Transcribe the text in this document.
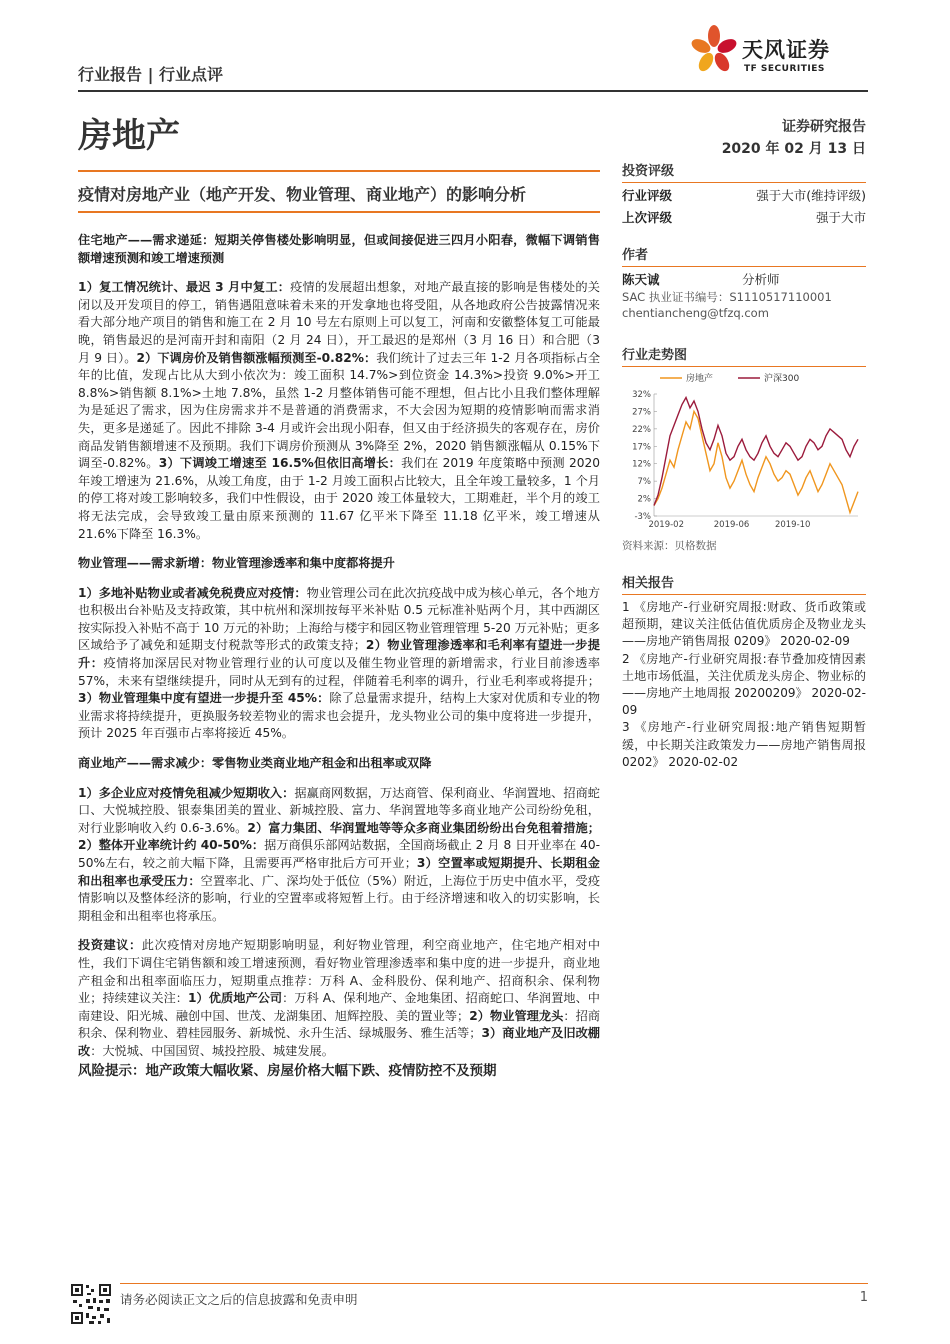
行业报告 | 行业点评
天风证券
TF SECURITIES
房地产	证券研究报告
2020 年 02 月 13 日
疫情对房地产业（地产开发、物业管理、商业地产）的影响分析

住宅地产——需求递延：短期关停售楼处影响明显，但或间接促进三四月小阳春，微幅下调销售额增速预测和竣工增速预测

1）复工情况统计、最迟 3 月中复工：疫情的发展超出想象，对地产最直接的影响是售楼处的关闭以及开发项目的停工，销售遇阻意味着未来的开发拿地也将受阻，从各地政府公告披露情况来看大部分地产项目的销售和施工在 2 月 10 号左右原则上可以复工，河南和安徽整体复工可能最晚，销售最迟的是河南开封和南阳（2 月 24 日），开工最迟的是郑州（3 月 16 日）和合肥（3 月 9 日）。2）下调房价及销售额涨幅预测至-0.82%：我们统计了过去三年 1-2 月各项指标占全年的比值，发现占比从大到小依次为：竣工面积 14.7%>到位资金 14.3%>投资 9.0%>开工 8.8%>销售额 8.1%>土地 7.8%，虽然 1-2 月整体销售可能不理想，但占比小且我们整体理解为是延迟了需求，因为住房需求并不是普通的消费需求，不大会因为短期的疫情影响而需求消失，更多是递延了。因此不排除 3-4 月或许会出现小阳春，但又由于经济损失的客观存在，房价商品发销售额增速不及预期。我们下调房价预测从 3%降至 2%，2020 销售额涨幅从 0.15%下调至-0.82%。3）下调竣工增速至 16.5%但依旧高增长：我们在 2019 年度策略中预测 2020 年竣工增速为 21.6%，从竣工角度，由于 1-2 月竣工面积占比较大，且全年竣工量较多，1 个月的停工将对竣工影响较多，我们中性假设，由于 2020 竣工体量较大，工期难赶，半个月的竣工将无法完成，会导致竣工量由原来预测的 11.67 亿平米下降至 11.18 亿平米，竣工增速从 21.6%下降至 16.3%。

物业管理——需求新增：物业管理渗透率和集中度都将提升

1）多地补贴物业或者减免税费应对疫情：物业管理公司在此次抗疫战中成为核心单元，各个地方也积极出台补贴及支持政策，其中杭州和深圳按每平米补贴 0.5 元标准补贴两个月，其中西湖区按实际投入补贴不高于 10 万元的补助；上海给与楼宇和园区物业管理管理 5-20 万元补贴；更多区域给予了减免和延期支付税款等形式的政策支持；2）物业管理渗透率和毛利率有望进一步提升：疫情将加深居民对物业管理行业的认可度以及催生物业管理的新增需求，行业目前渗透率 57%，未来有望继续提升，同时从无到有的过程，伴随着毛利率的调升，行业毛利率或将提升；3）物业管理集中度有望进一步提升至 45%：除了总量需求提升，结构上大家对优质和专业的物业需求将持续提升，更换服务较差物业的需求也会提升，龙头物业公司的集中度将进一步提升，预计 2025 年百强市占率将接近 45%。

商业地产——需求减少：零售物业类商业地产租金和出租率或双降

1）多企业应对疫情免租减少短期收入：据赢商网数据，万达商管、保利商业、华润置地、招商蛇口、大悦城控股、银泰集团美的置业、新城控股、富力、华润置地等多商业地产公司纷纷免租，对行业影响收入约 0.6-3.6%。2）富力集团、华润置地等等众多商业集团纷纷出台免租着措施；2）整体开业率统计约 40-50%：据万商俱乐部网站数据，全国商场截止 2 月 8 日开业率在 40-50%左右，较之前大幅下降，且需要再严格审批后方可开业；3）空置率或短期提升、长期租金和出租率也承受压力：空置率北、广、深均处于低位（5%）附近，上海位于历史中值水平，受疫情影响以及整体经济的影响，行业的空置率或将短暂上行。由于经济增速和收入的切实影响，长期租金和出租率也将承压。

投资建议：此次疫情对房地产短期影响明显，利好物业管理，利空商业地产，住宅地产相对中性，我们下调住宅销售额和竣工增速预测，看好物业管理渗透率和集中度的进一步提升，商业地产租金和出租率面临压力，短期重点推荐：万科 A、金科股份、保利地产、招商积余、保利物业；持续建议关注：1）优质地产公司：万科 A、保利地产、金地集团、招商蛇口、华润置地、中南建设、阳光城、融创中国、世茂、龙湖集团、旭辉控股、美的置业等；2）物业管理龙头：招商积余、保利物业、碧桂园服务、新城悦、永升生活、绿城服务、雅生活等；3）商业地产及旧改棚改：大悦城、中国国贸、城投控股、城建发展。

风险提示：地产政策大幅收紧、房屋价格大幅下跌、疫情防控不及预期

投资评级
行业评级	强于大市(维持评级)
上次评级	强于大市
作者
陈天诚	分析师
SAC 执业证书编号：S1110517110001
chentiancheng@tfzq.com
行业走势图
32%
27%
22%
17%
12%
7%
2%
-3%
2019-02	2019-06	2019-10
房地产	沪深300
资料来源：贝格数据
相关报告
1 《房地产-行业研究周报:财政、货币政策或超预期，建议关注低估值优质房企及物业龙头——房地产销售周报 0209》 2020-02-09
2 《房地产-行业研究周报:春节叠加疫情因素土地市场低温，关注优质龙头房企、物业标的——房地产土地周报 20200209》 2020-02-09
3 《房地产-行业研究周报:地产销售短期暂缓，中长期关注政策发力——房地产销售周报 0202》 2020-02-02
请务必阅读正文之后的信息披露和免责申明	1
